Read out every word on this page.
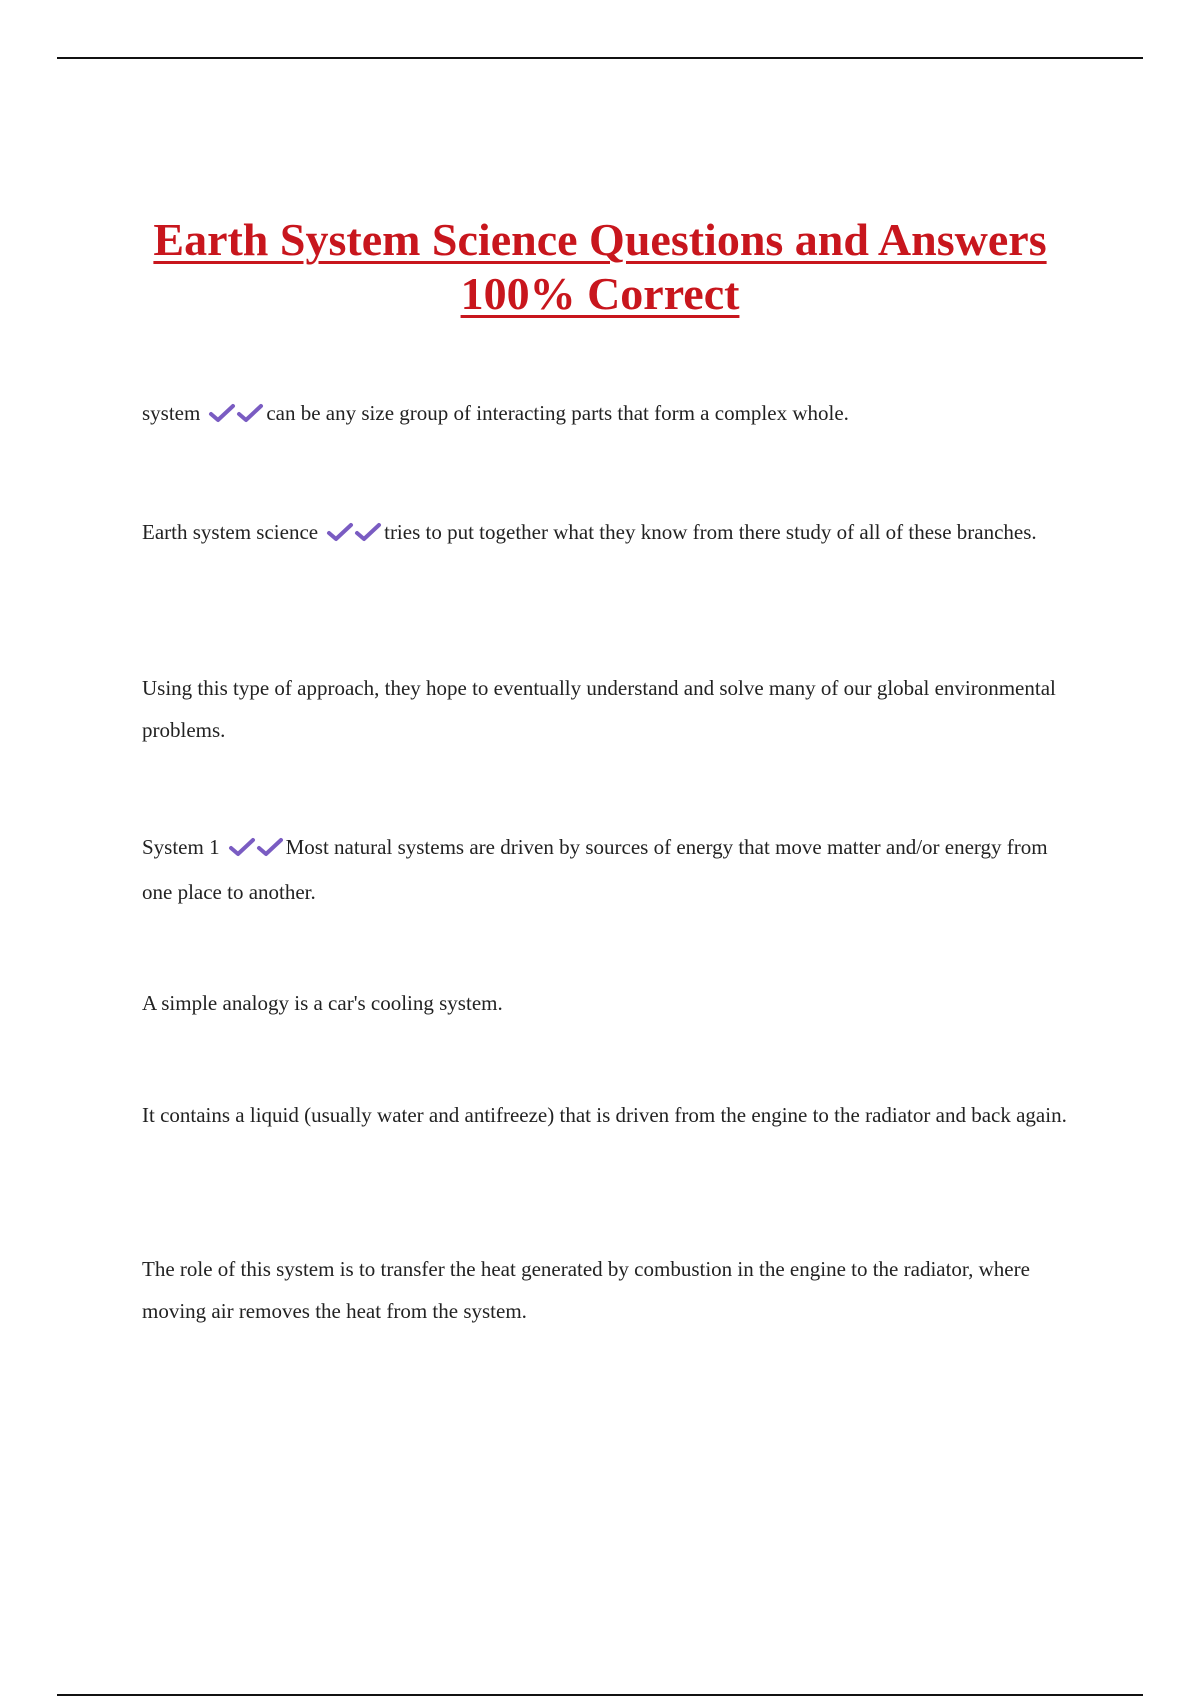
Earth System Science Questions and Answers
100% Correct

system	can be any size group of interacting parts that form a complex whole.

Earth system science	tries to put together what they know from there study of all of these branches.

Using this type of approach, they hope to eventually understand and solve many of our global environmental problems.

System 1	Most natural systems are driven by sources of energy that move matter and/or energy from one place to another.

A simple analogy is a car's cooling system.

It contains a liquid (usually water and antifreeze) that is driven from the engine to the radiator and back again.

The role of this system is to transfer the heat generated by combustion in the engine to the radiator, where moving air removes the heat from the system.
